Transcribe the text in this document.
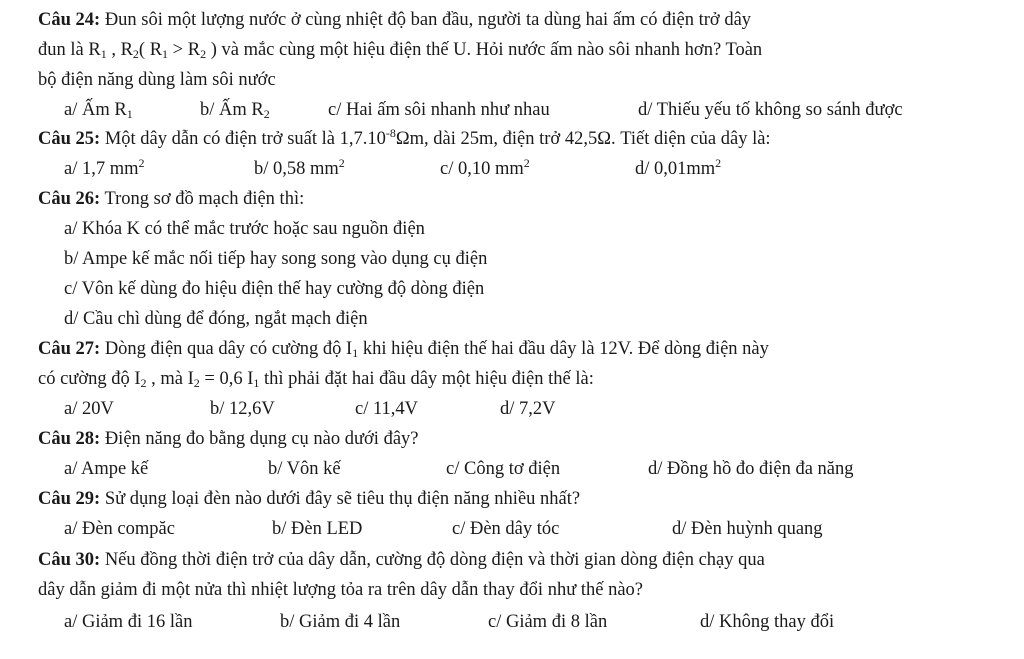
Câu 24: Đun sôi một lượng nước ở cùng nhiệt độ ban đầu, người ta dùng hai ấm có điện trở dây
đun là $R_1$ , $R_2$( $R_1 > R_2$ ) và mắc cùng một hiệu điện thế U. Hỏi nước ấm nào sôi nhanh hơn? Toàn
bộ điện năng dùng làm sôi nước
a/ Ấm $R_1$	b/ Ấm $R_2$	c/ Hai ấm sôi nhanh như nhau	d/ Thiếu yếu tố không so sánh được
Câu 25: Một dây dẫn có điện trở suất là $1,7.10^{-8}\Omega m$, dài 25m, điện trở 42,5Ω. Tiết diện của dây là:
a/ 1,7 $mm^2$	b/ 0,58 $mm^2$	c/ 0,10 $mm^2$	d/ $0,01mm^2$
Câu 26: Trong sơ đồ mạch điện thì:
a/ Khóa K có thể mắc trước hoặc sau nguồn điện
b/ Ampe kế mắc nối tiếp hay song song vào dụng cụ điện
c/ Vôn kế dùng đo hiệu điện thế hay cường độ dòng điện
d/ Cầu chì dùng để đóng, ngắt mạch điện
Câu 27: Dòng điện qua dây có cường độ $I_1$ khi hiệu điện thế hai đầu dây là 12V. Để dòng điện này
có cường độ $I_2$ , mà $I_2 = 0,6$ $I_1$ thì phải đặt hai đầu dây một hiệu điện thế là:
a/ 20V	b/ 12,6V	c/ 11,4V	d/ 7,2V
Câu 28: Điện năng đo bằng dụng cụ nào dưới đây?
a/ Ampe kế	b/ Vôn kế	c/ Công tơ điện	d/ Đồng hồ đo điện đa năng
Câu 29: Sử dụng loại đèn nào dưới đây sẽ tiêu thụ điện năng nhiều nhất?
a/ Đèn compăc	b/ Đèn LED	c/ Đèn dây tóc	d/ Đèn huỳnh quang
Câu 30: Nếu đồng thời điện trở của dây dẫn, cường độ dòng điện và thời gian dòng điện chạy qua
dây dẫn giảm đi một nửa thì nhiệt lượng tỏa ra trên dây dẫn thay đổi như thế nào?
a/ Giảm đi 16 lần	b/ Giảm đi 4 lần	c/ Giảm đi 8 lần	d/ Không thay đổi
